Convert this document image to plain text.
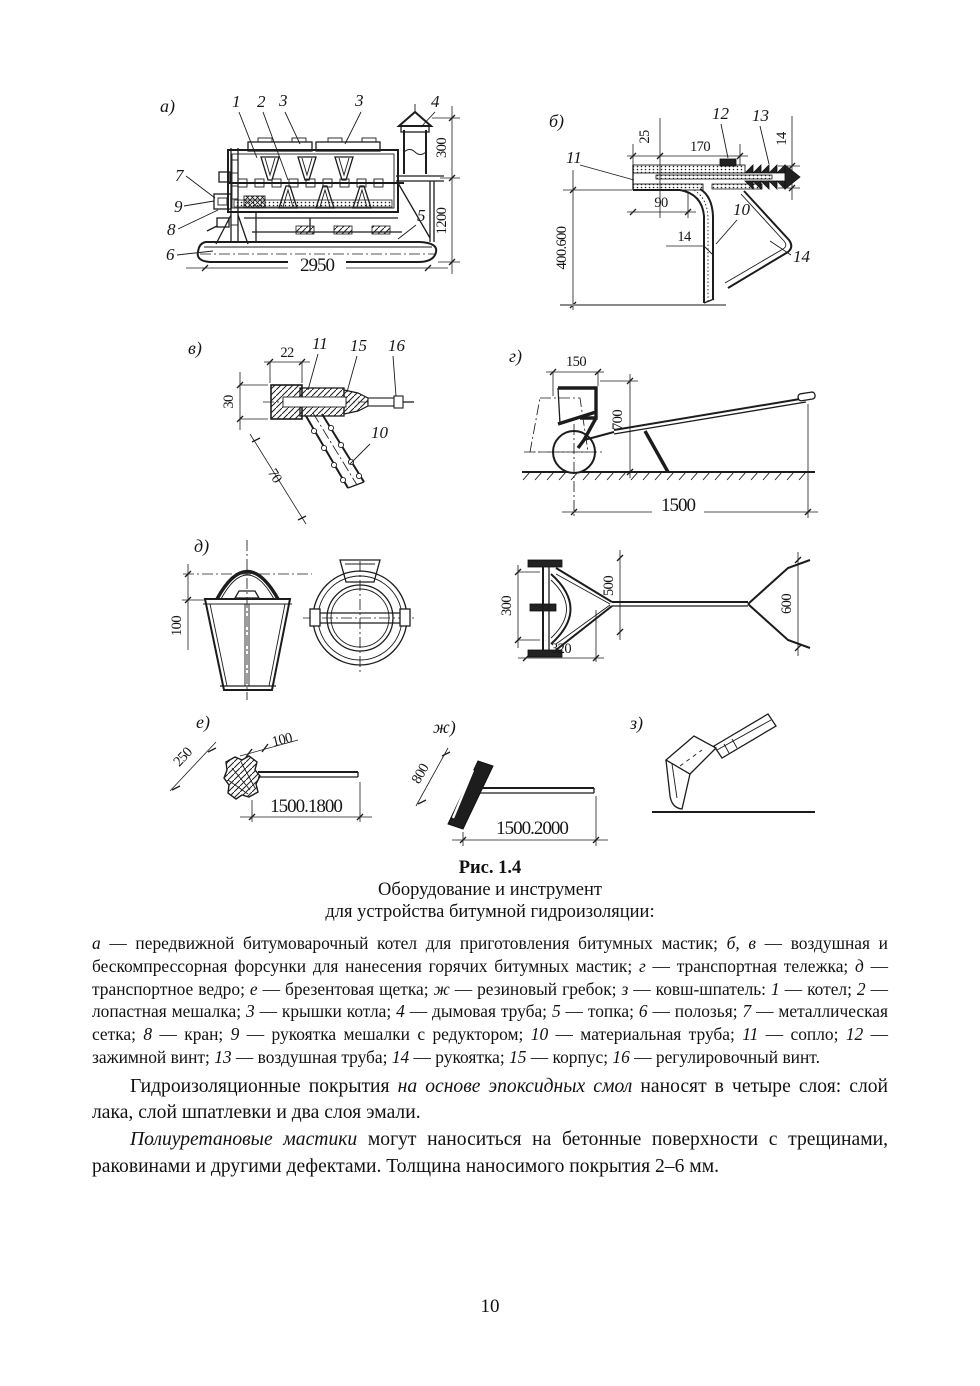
а)	1 2 3	3	4
7
9
8
6
5
300
1200
2950
б)
11
12 13
10
14
25
170	14
90
14
400.600
в)	11 15 16
10
22
30
70
г)	150
700
1500
д)
100
300
500
320
600
е)
250
100
1500.1800
ж)
800
1500.2000
з)
Рис. 1.4
Оборудование и инструмент
для устройства битумной гидроизоляции:
а — передвижной битумоварочный котел для приготовления битумных мастик; б, в — воздушная и бескомпрессорная форсунки для нанесения горячих битумных мастик; г — транспортная тележка; д — транспортное ведро; е — брезентовая щетка; ж — резиновый гребок; з — ковш-шпатель: 1 — котел; 2 — лопастная мешалка; 3 — крышки котла; 4 — дымовая труба; 5 — топка; 6 — полозья; 7 — металлическая сетка; 8 — кран; 9 — рукоятка мешалки с редуктором; 10 — материальная труба; 11 — сопло; 12 — зажимной винт; 13 — воздушная труба; 14 — рукоятка; 15 — корпус; 16 — регулировочный винт.

Гидроизоляционные покрытия на основе эпоксидных смол наносят в четыре слоя: слой лака, слой шпатлевки и два слоя эмали.

Полиуретановые мастики могут наноситься на бетонные поверхности с трещинами, раковинами и другими дефектами. Толщина наносимого покрытия 2–6 мм.

10
